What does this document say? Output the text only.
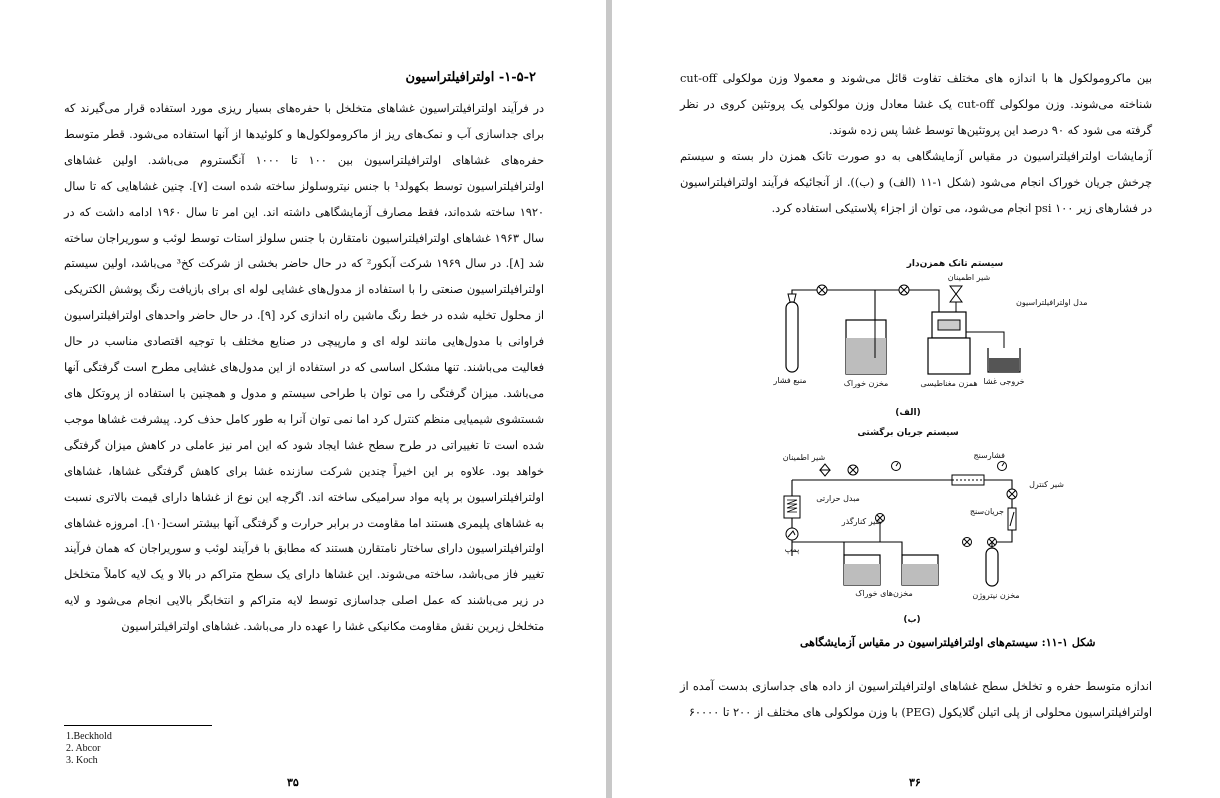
۱-۵-۲- اولترافیلتراسیون

در فرآیند اولترافیلتراسیون غشاهای متخلخل با حفره‌های بسیار ریزی مورد استفاده قرار می‌گیرند که برای جداسازی آب و نمک‌های ریز از ماکرومولکول‌ها و کلوئیدها از آنها استفاده می‌شود. قطر متوسط حفره‌های غشاهای اولترافیلتراسیون بین ۱۰۰ تا ۱۰۰۰ آنگستروم می‌باشد. اولین غشاهای اولترافیلتراسیون توسط بکهولد¹ با جنس نیتروسلولز ساخته شده است [۷]. چنین غشاهایی که تا سال ۱۹۲۰ ساخته شده‌اند، فقط مصارف آزمایشگاهی داشته اند. این امر تا سال ۱۹۶۰ ادامه داشت که در سال ۱۹۶۳ غشاهای اولترافیلتراسیون نامتقارن با جنس سلولز استات توسط لوئب و سوریراجان ساخته شد [۸]. در سال ۱۹۶۹ شرکت آبکور² که در حال حاضر بخشی از شرکت کخ³ می‌باشد، اولین سیستم اولترافیلتراسیون صنعتی را با استفاده از مدول‌های غشایی لوله ای برای بازیافت رنگ پوشش الکتریکی از محلول تخلیه شده در خط رنگ ماشین راه اندازی کرد [۹]. در حال حاضر واحدهای اولترافیلتراسیون فراوانی با مدول‌هایی مانند لوله ای و مارپیچی در صنایع مختلف با توجیه اقتصادی مناسب در حال فعالیت می‌باشند. تنها مشکل اساسی که در استفاده از این مدول‌های غشایی مطرح است گرفتگی آنها می‌باشد. میزان گرفتگی را می توان با طراحی سیستم و مدول و همچنین با استفاده از پروتکل های شستشوی شیمیایی منظم کنترل کرد اما نمی توان آنرا به طور کامل حذف کرد. پیشرفت غشاها موجب شده است تا تغییراتی در طرح سطح غشا ایجاد شود که این امر نیز عاملی در کاهش میزان گرفتگی خواهد بود. علاوه بر این اخیراً چندین شرکت سازنده غشا برای کاهش گرفتگی غشاها، غشاهای اولترافیلتراسیون بر پایه مواد سرامیکی ساخته اند. اگرچه این نوع از غشاها دارای قیمت بالاتری نسبت به غشاهای پلیمری هستند اما مقاومت در برابر حرارت و گرفتگی آنها بیشتر است[۱۰]. امروزه غشاهای اولترافیلتراسیون دارای ساختار نامتقارن هستند که مطابق با فرآیند لوئب و سوریراجان که همان فرآیند تغییر فاز می‌باشد، ساخته می‌شوند. این غشاها دارای یک سطح متراکم در بالا و یک لایه کاملاً متخلخل در زیر می‌باشند که عمل اصلی جداسازی توسط لایه متراکم و انتخابگر بالایی انجام می‌شود و لایه متخلخل زیرین نقش مقاومت مکانیکی غشا را عهده دار می‌باشد. غشاهای اولترافیلتراسیون

1.Beckhold
2. Abcor
3. Koch
۳۵

بین ماکرومولکول ها با اندازه های مختلف تفاوت قائل می‌شوند و معمولا وزن مولکولی cut-off شناخته می‌شوند. وزن مولکولی cut-off یک غشا معادل وزن مولکولی یک پروتئین کروی در نظر گرفته می شود که ۹۰ درصد این پروتئین‌ها توسط غشا پس زده شوند.

آزمایشات اولترافیلتراسیون در مقیاس آزمایشگاهی به دو صورت تانک همزن دار بسته و سیستم چرخش جریان خوراک انجام می‌شود (شکل ۱-۱۱ (الف) و (ب)). از آنجائیکه فرآیند اولترافیلتراسیون در فشارهای زیر ۱۰۰ psi انجام می‌شود، می توان از اجزاء پلاستیکی استفاده کرد.

سیستم تانک همزن‌دار
شیر اطمینان
مدل اولترافیلتراسیون
منبع فشار	مخزن خوراک	همزن مغناطیسی خروجی غشا
(الف)
سیستم جریان برگشتی
شیر اطمینان	فشارسنج
شیر کنترل
مبدل حرارتی
جریان‌سنج
شیر کنارگذر
پمپ
مخزن‌های خوراک	مخزن نیتروژن
(ب)
شکل ۱-۱۱: سیستم‌های اولترافیلتراسیون در مقیاس آزمایشگاهی

اندازه متوسط حفره و تخلخل سطح غشاهای اولترافیلتراسیون از داده های جداسازی بدست آمده از اولترافیلتراسیون محلولی از پلی اتیلن گلایکول (PEG) با وزن مولکولی های مختلف از ۲۰۰ تا ۶۰۰۰۰

۳۶
